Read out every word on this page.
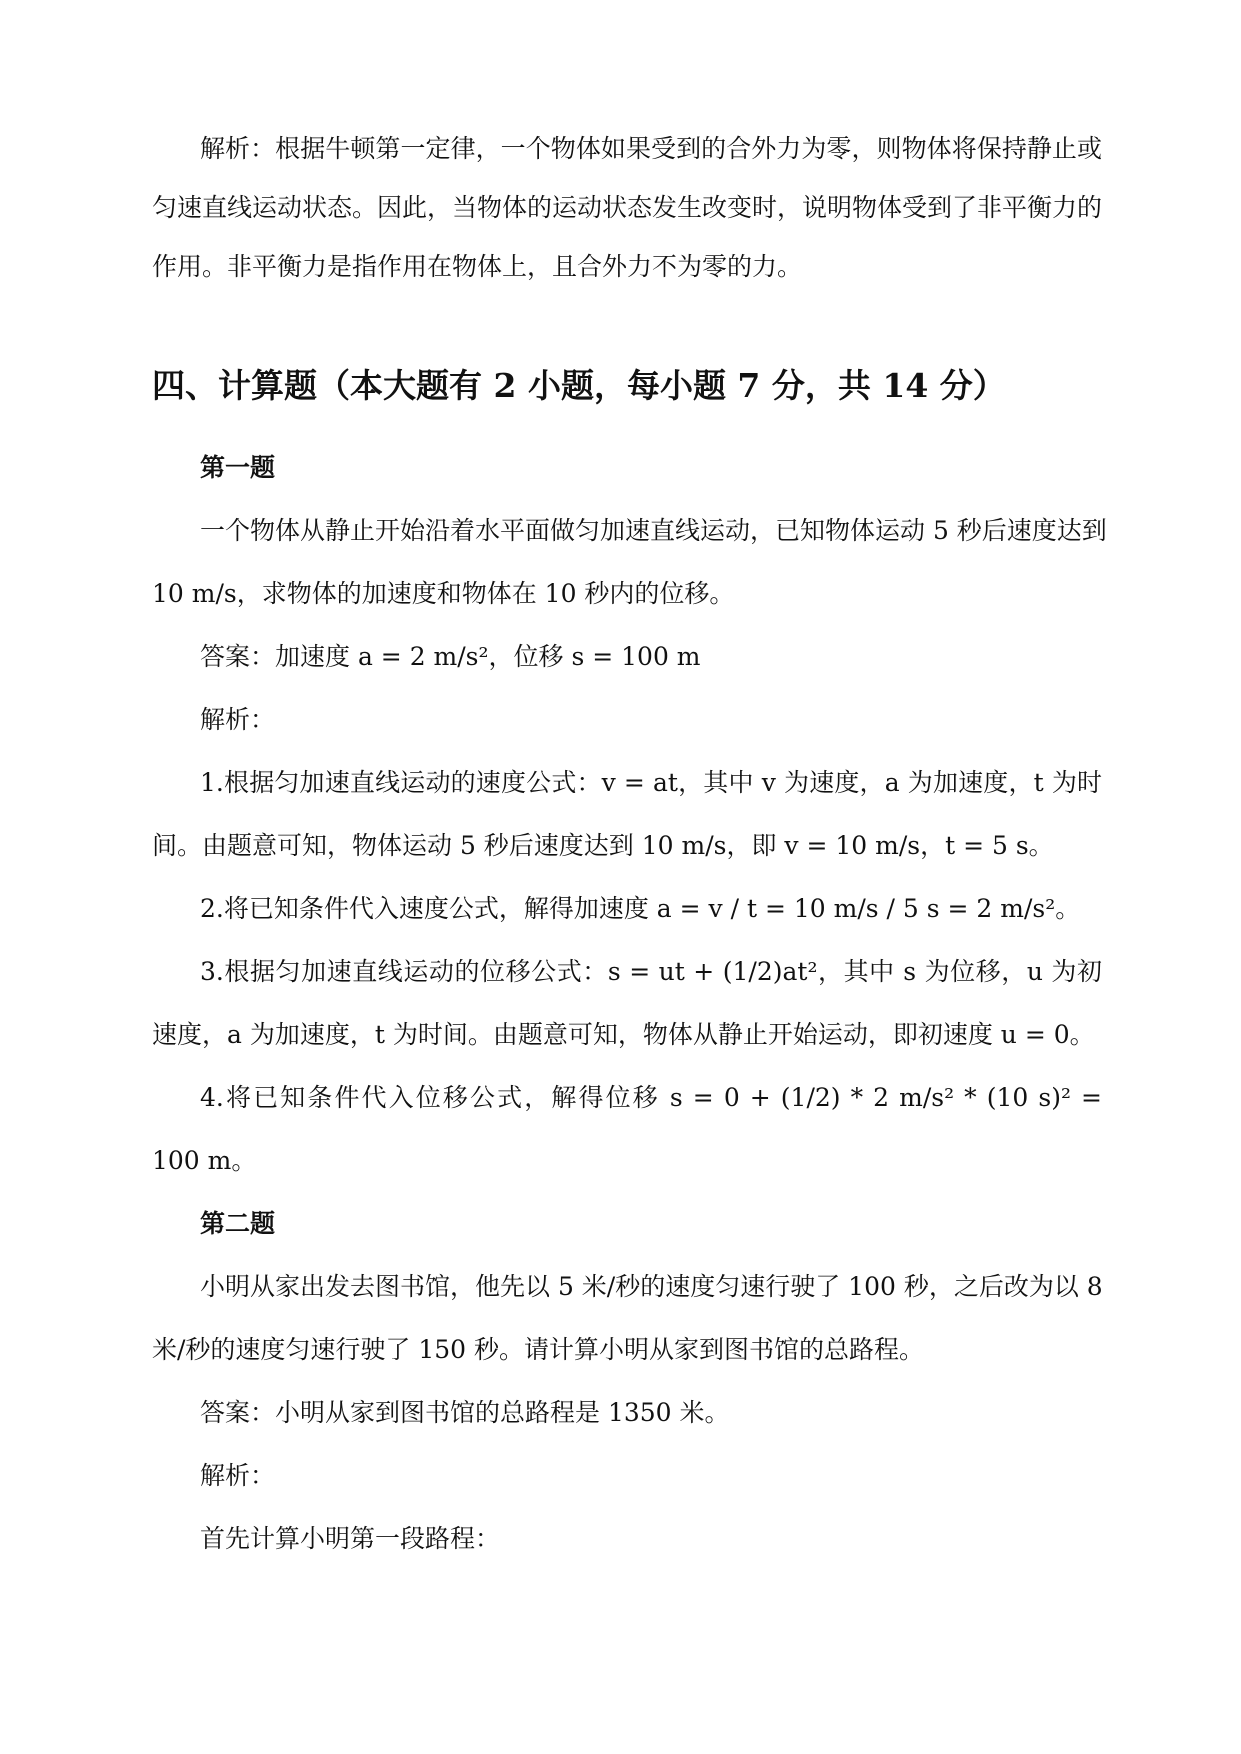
解析：根据牛顿第一定律，一个物体如果受到的合外力为零，则物体将保持静止或
匀速直线运动状态。因此，当物体的运动状态发生改变时，说明物体受到了非平衡力的
作用。非平衡力是指作用在物体上，且合外力不为零的力。
四、计算题（本大题有 2 小题，每小题 7 分，共 14 分）
第一题
一个物体从静止开始沿着水平面做匀加速直线运动，已知物体运动 5 秒后速度达到
10 m/s，求物体的加速度和物体在 10 秒内的位移。
答案：加速度 a = 2 m/s²，位移 s = 100 m
解析：
1.根据匀加速直线运动的速度公式：v = at，其中 v 为速度，a 为加速度，t 为时
间。由题意可知，物体运动 5 秒后速度达到 10 m/s，即 v = 10 m/s，t = 5 s。
2.将已知条件代入速度公式，解得加速度 a = v / t = 10 m/s / 5 s = 2 m/s²。
3.根据匀加速直线运动的位移公式：s = ut + (1/2)at²，其中 s 为位移，u 为初
速度，a 为加速度，t 为时间。由题意可知，物体从静止开始运动，即初速度 u = 0。
4.将已知条件代入位移公式，解得位移 s = 0 + (1/2) * 2 m/s² * (10 s)² =
100 m。
第二题
小明从家出发去图书馆，他先以 5 米/秒的速度匀速行驶了 100 秒，之后改为以 8
米/秒的速度匀速行驶了 150 秒。请计算小明从家到图书馆的总路程。
答案：小明从家到图书馆的总路程是 1350 米。
解析：
首先计算小明第一段路程：
